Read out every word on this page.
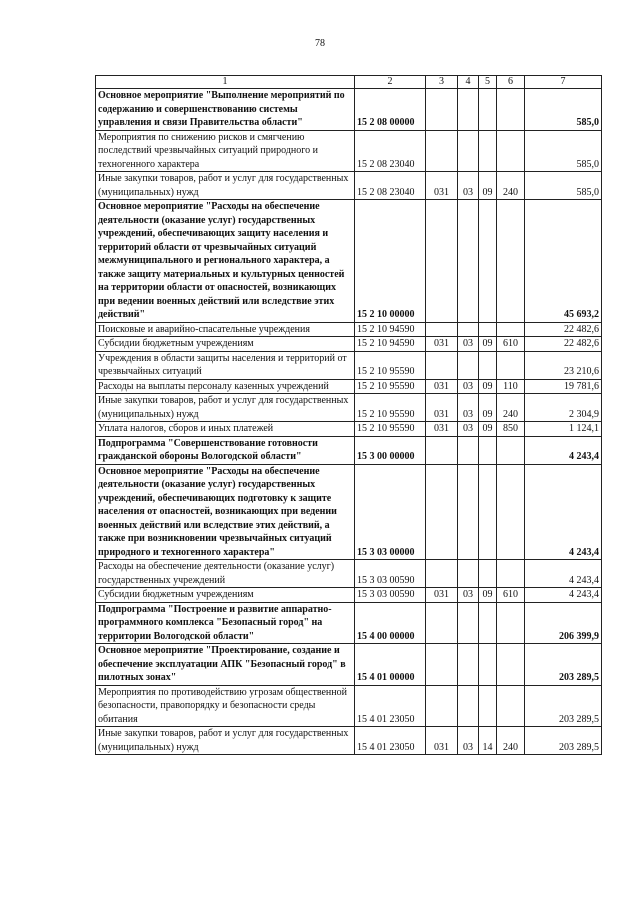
78
1	2	3	4	5	6	7
Основное мероприятие "Выполнение мероприятий по содержанию и совершенствованию системы управления и связи Правительства области"	15 2 08 00000					585,0
Мероприятия по снижению рисков и смягчению последствий чрезвычайных ситуаций природного и техногенного характера	15 2 08 23040					585,0
Иные закупки товаров, работ и услуг для государственных (муниципальных) нужд	15 2 08 23040	031	03	09	240	585,0
Основное мероприятие "Расходы на обеспечение деятельности (оказание услуг) государственных учреждений, обеспечивающих защиту населения и территорий области от чрезвычайных ситуаций межмуниципального и регионального характера, а также защиту материальных и культурных ценностей на территории области от опасностей, возникающих при ведении военных действий или вследствие этих действий"	15 2 10 00000					45 693,2
Поисковые и аварийно-спасательные учреждения	15 2 10 94590					22 482,6
Субсидии бюджетным учреждениям	15 2 10 94590	031	03	09	610	22 482,6
Учреждения в области защиты населения и территорий от чрезвычайных ситуаций	15 2 10 95590					23 210,6
Расходы на выплаты персоналу казенных учреждений	15 2 10 95590	031	03	09	110	19 781,6
Иные закупки товаров, работ и услуг для государственных (муниципальных) нужд	15 2 10 95590	031	03	09	240	2 304,9
Уплата налогов, сборов и иных платежей	15 2 10 95590	031	03	09	850	1 124,1
Подпрограмма "Совершенствование готовности гражданской обороны Вологодской области"	15 3 00 00000					4 243,4
Основное мероприятие "Расходы на обеспечение деятельности (оказание услуг) государственных учреждений, обеспечивающих подготовку к защите населения от опасностей, возникающих при ведении военных действий или вследствие этих действий, а также при возникновении чрезвычайных ситуаций природного и техногенного характера"	15 3 03 00000					4 243,4
Расходы на обеспечение деятельности (оказание услуг) государственных учреждений	15 3 03 00590					4 243,4
Субсидии бюджетным учреждениям	15 3 03 00590	031	03	09	610	4 243,4
Подпрограмма "Построение и развитие аппаратно-программного комплекса "Безопасный город" на территории Вологодской области"	15 4 00 00000					206 399,9
Основное мероприятие "Проектирование, создание и обеспечение эксплуатации АПК "Безопасный город" в пилотных зонах"	15 4 01 00000					203 289,5
Мероприятия по противодействию угрозам общественной безопасности, правопорядку и безопасности среды обитания	15 4 01 23050					203 289,5
Иные закупки товаров, работ и услуг для государственных (муниципальных) нужд	15 4 01 23050	031	03	14	240	203 289,5
